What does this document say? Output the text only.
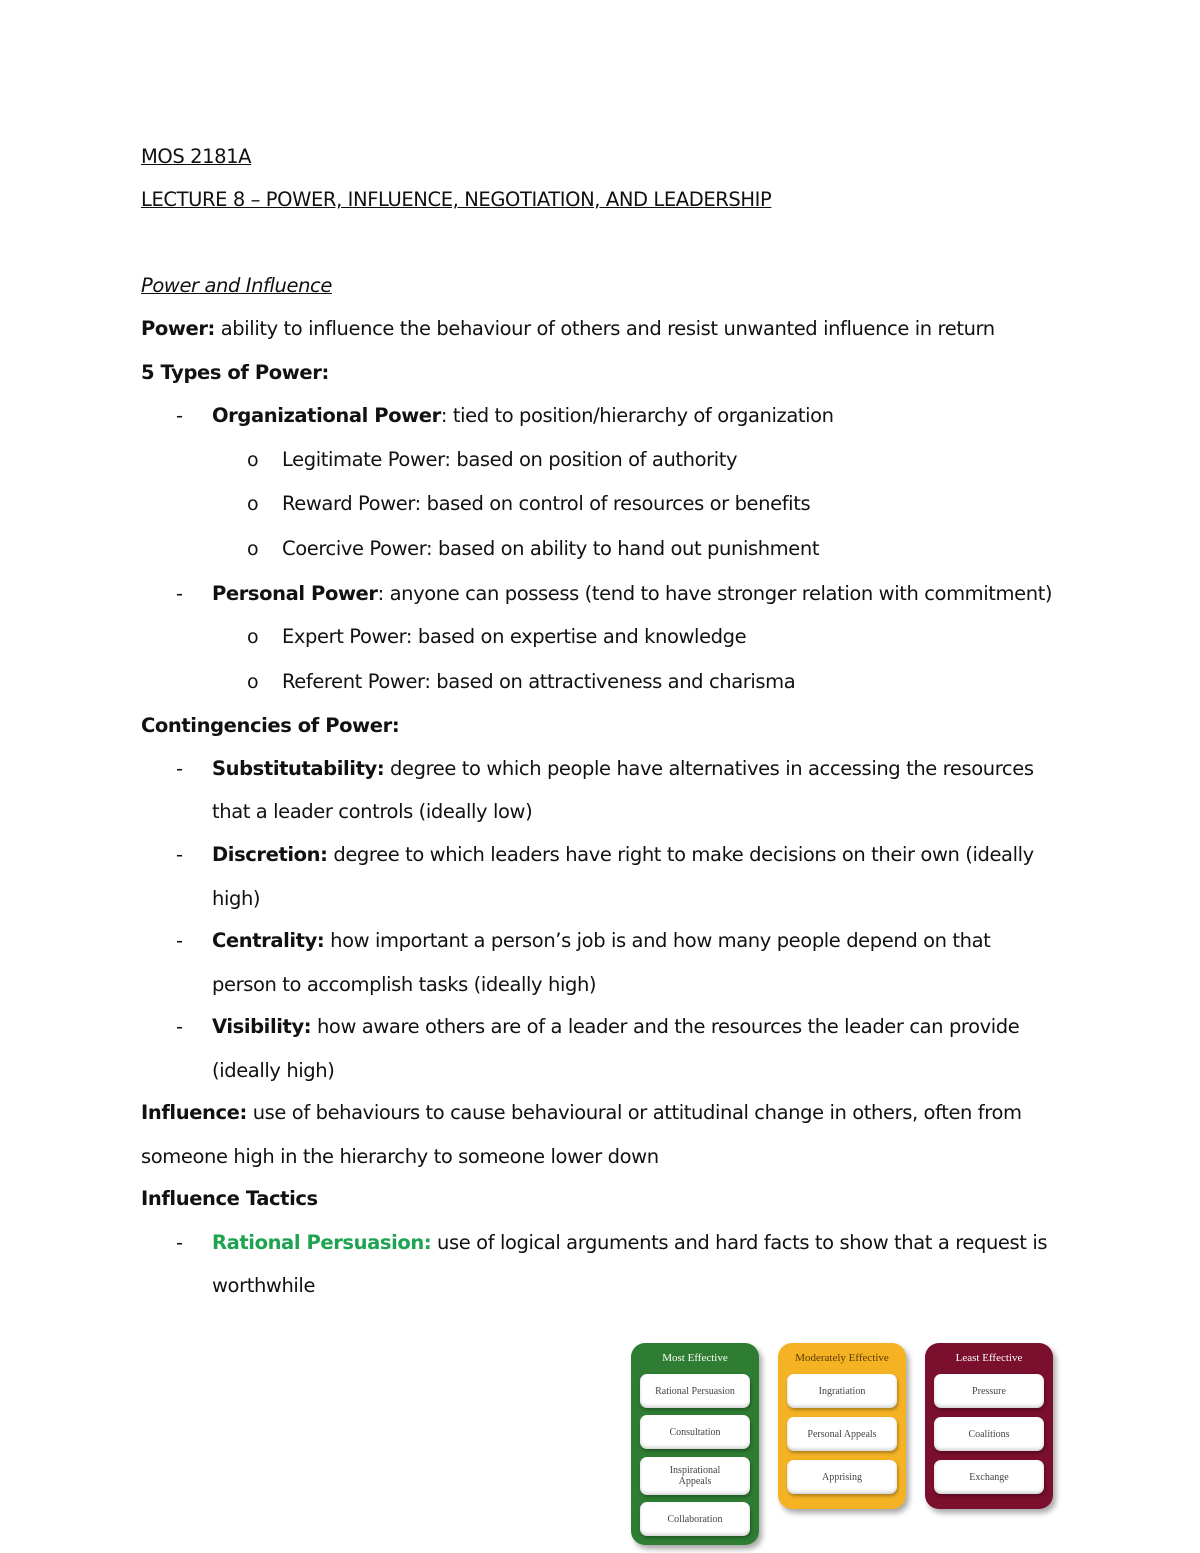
MOS 2181A
LECTURE 8 – POWER, INFLUENCE, NEGOTIATION, AND LEADERSHIP
Power and Influence
Power: ability to influence the behaviour of others and resist unwanted influence in return
5 Types of Power:
- Organizational Power: tied to position/hierarchy of organization
o Legitimate Power: based on position of authority
o Reward Power: based on control of resources or benefits
o Coercive Power: based on ability to hand out punishment
- Personal Power: anyone can possess (tend to have stronger relation with commitment)
o Expert Power: based on expertise and knowledge
o Referent Power: based on attractiveness and charisma
Contingencies of Power:
- Substitutability: degree to which people have alternatives in accessing the resources
that a leader controls (ideally low)
- Discretion: degree to which leaders have right to make decisions on their own (ideally
high)
- Centrality: how important a person’s job is and how many people depend on that
person to accomplish tasks (ideally high)
- Visibility: how aware others are of a leader and the resources the leader can provide
(ideally high)
Influence: use of behaviours to cause behavioural or attitudinal change in others, often from
someone high in the hierarchy to someone lower down
Influence Tactics
- Rational Persuasion: use of logical arguments and hard facts to show that a request is
worthwhile
Most Effective
Rational Persuasion
Consultation
Inspirational Appeals
Collaboration
Moderately Effective
Ingratiation
Personal Appeals
Apprising
Least Effective
Pressure
Coalitions
Exchange
